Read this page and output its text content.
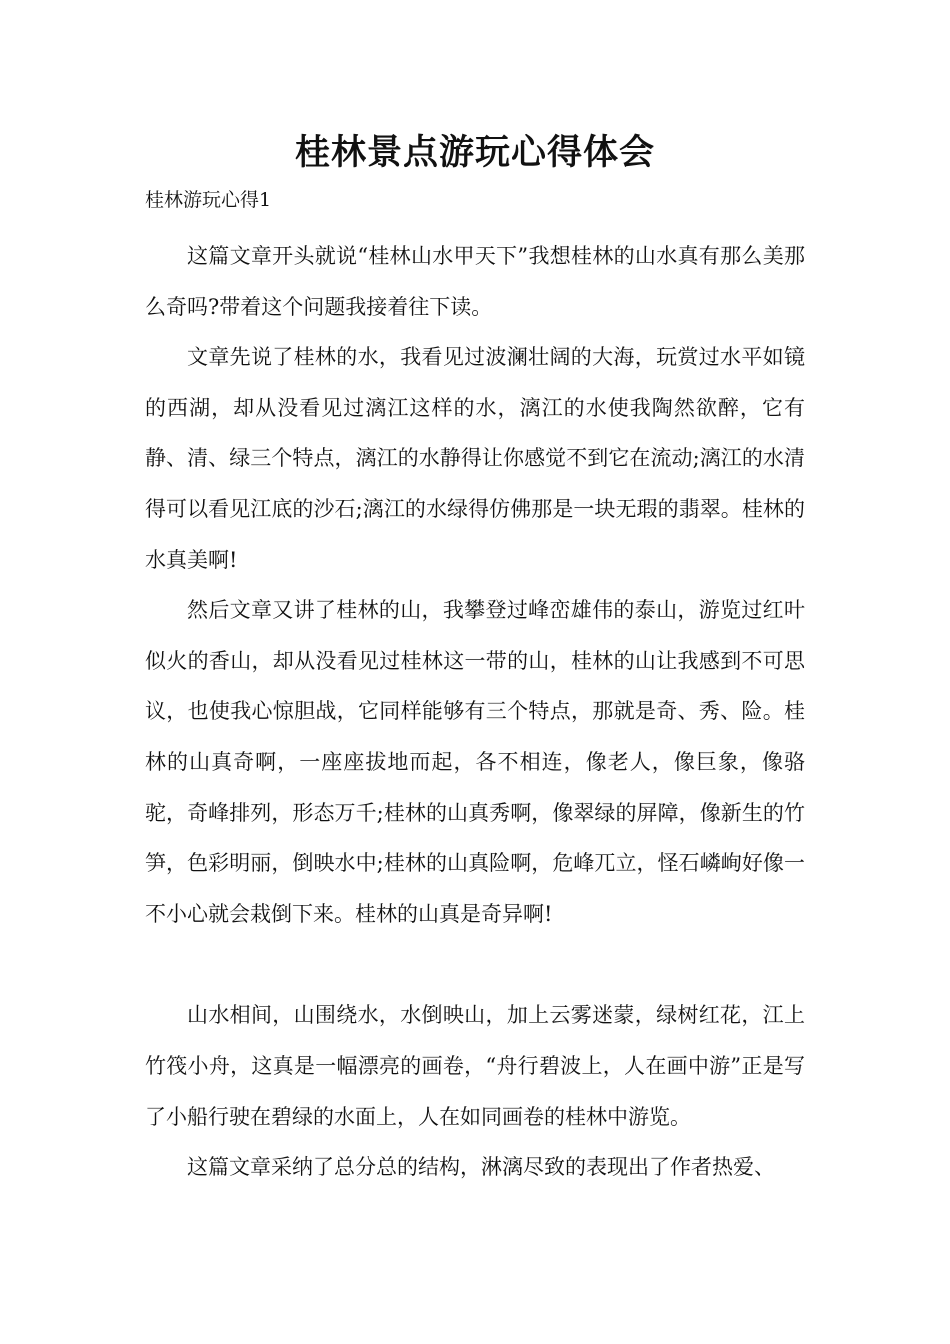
桂林景点游玩心得体会
桂林游玩心得1

这篇文章开头就说“桂林山水甲天下”我想桂林的山水真有那么美那么奇吗?带着这个问题我接着往下读。

文章先说了桂林的水，我看见过波澜壮阔的大海，玩赏过水平如镜的西湖，却从没看见过漓江这样的水，漓江的水使我陶然欲醉，它有静、清、绿三个特点，漓江的水静得让你感觉不到它在流动;漓江的水清得可以看见江底的沙石;漓江的水绿得仿佛那是一块无瑕的翡翠。桂林的水真美啊!

然后文章又讲了桂林的山，我攀登过峰峦雄伟的泰山，游览过红叶似火的香山，却从没看见过桂林这一带的山，桂林的山让我感到不可思议，也使我心惊胆战，它同样能够有三个特点，那就是奇、秀、险。桂林的山真奇啊，一座座拔地而起，各不相连，像老人，像巨象，像骆驼，奇峰排列，形态万千;桂林的山真秀啊，像翠绿的屏障，像新生的竹笋，色彩明丽，倒映水中;桂林的山真险啊，危峰兀立，怪石嶙峋好像一不小心就会栽倒下来。桂林的山真是奇异啊!

山水相间，山围绕水，水倒映山，加上云雾迷蒙，绿树红花，江上竹筏小舟，这真是一幅漂亮的画卷，“舟行碧波上，人在画中游”正是写了小船行驶在碧绿的水面上，人在如同画卷的桂林中游览。

这篇文章采纳了总分总的结构，淋漓尽致的表现出了作者热爱、
